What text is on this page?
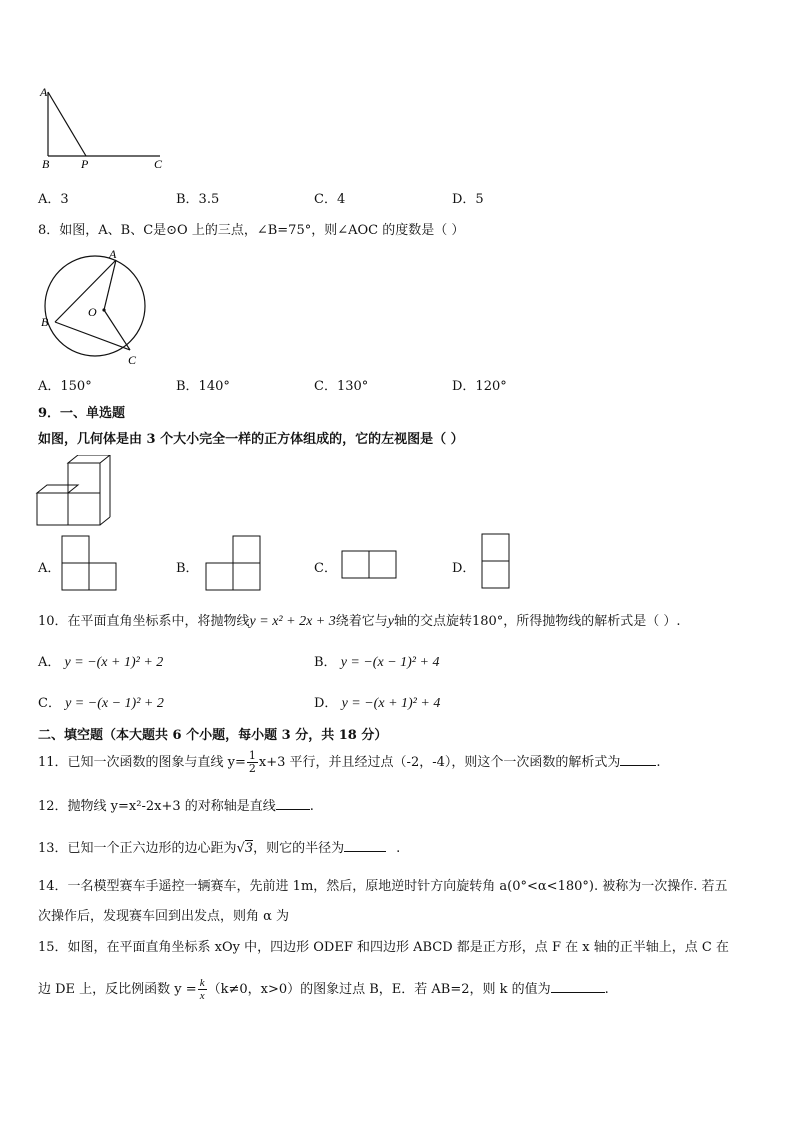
A
B	P	C
A．3	B．3.5	C．4	D．5
8．如图，A、B、C是⊙O 上的三点，∠B=75°，则∠AOC 的度数是（ ）
A
B
O
C
A．150°	B．140°	C．130°	D．120°
9．一、单选题
如图，几何体是由 3 个大小完全一样的正方体组成的，它的左视图是（ ）
A．	B．	C．	D．
10．在平面直角坐标系中，将抛物线y = x² + 2x + 3绕着它与y轴的交点旋转180°，所得抛物线的解析式是（ ）.
A． y = −(x + 1)² + 2	B． y = −(x − 1)² + 4
C． y = −(x − 1)² + 2	D． y = −(x + 1)² + 4
二、填空题（本大题共 6 个小题，每小题 3 分，共 18 分）
11．已知一次函数的图象与直线 $y= \frac{1}{2} x+3$ 平行，并且经过点（-2，-4），则这个一次函数的解析式为	.
12．抛物线 y=x²-2x+3 的对称轴是直线	.
13．已知一个正六边形的边心距为√3，则它的半径为	.
14．一名模型赛车手遥控一辆赛车，先前进 1m，然后，原地逆时针方向旋转角 a(0°<α<180°). 被称为一次操作. 若五
次操作后，发现赛车回到出发点，则角 α 为
15．如图，在平面直角坐标系 xOy 中，四边形 ODEF 和四边形 ABCD 都是正方形，点 F 在 x 轴的正半轴上，点 C 在
边 DE 上，反比例函数 $y = \frac{k}{x} (k\ne 0$，x>0）的图象过点 B，E．若 AB=2，则 k 的值为	.
